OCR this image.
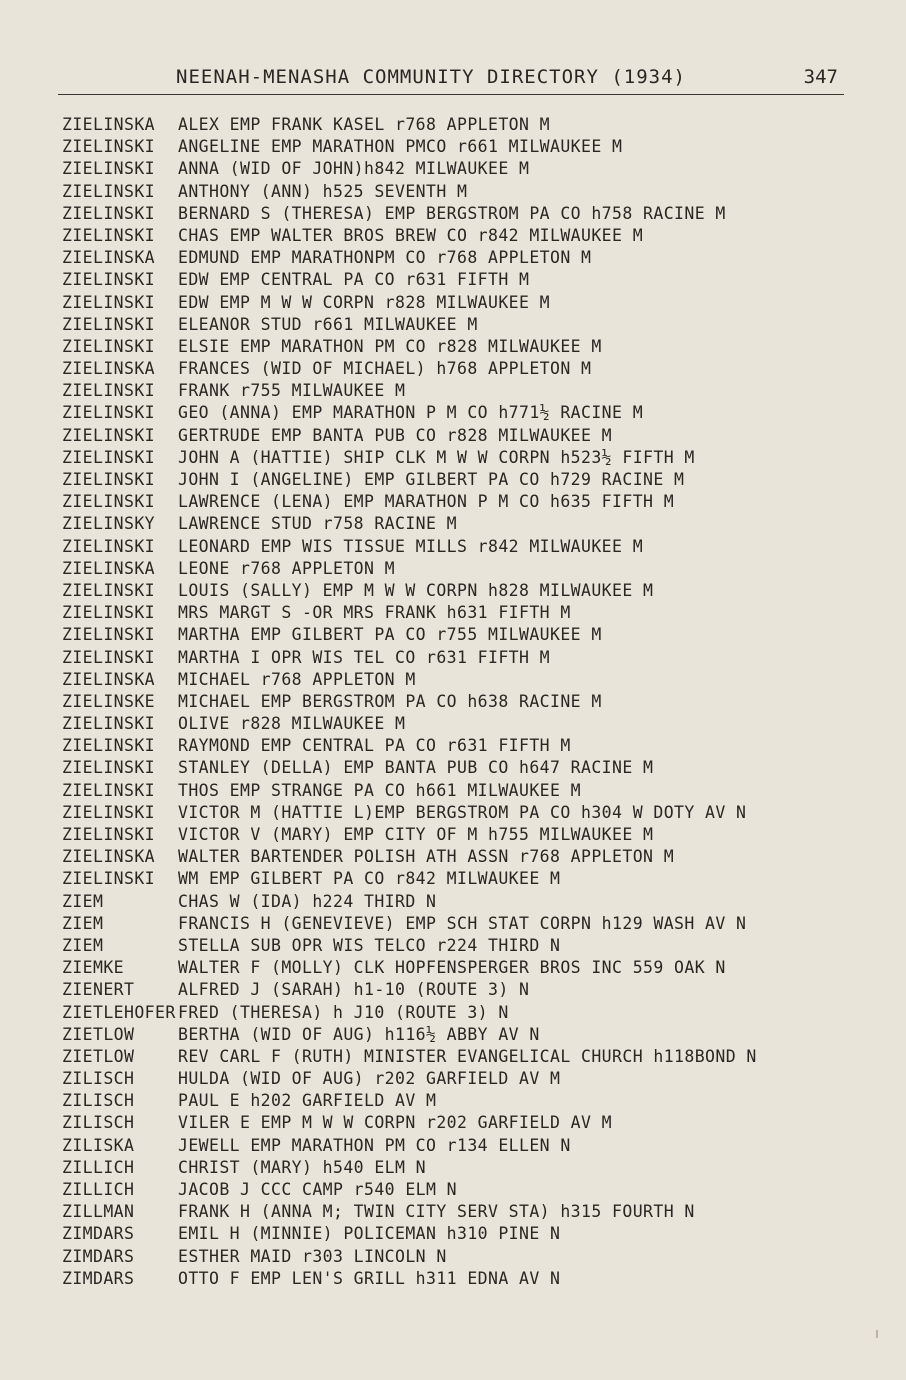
NEENAH-MENASHA COMMUNITY DIRECTORY (1934)	347
ZIELINSKA ALEX EMP FRANK KASEL r768 APPLETON M
ZIELINSKI ANGELINE EMP MARATHON PMCO r661 MILWAUKEE M
ZIELINSKI ANNA (WID OF JOHN)h842 MILWAUKEE M
ZIELINSKI ANTHONY (ANN) h525 SEVENTH M
ZIELINSKI BERNARD S (THERESA) EMP BERGSTROM PA CO h758 RACINE M
ZIELINSKI CHAS EMP WALTER BROS BREW CO r842 MILWAUKEE M
ZIELINSKA EDMUND EMP MARATHONPM CO r768 APPLETON M
ZIELINSKI EDW EMP CENTRAL PA CO r631 FIFTH M
ZIELINSKI EDW EMP M W W CORPN r828 MILWAUKEE M
ZIELINSKI ELEANOR STUD r661 MILWAUKEE M
ZIELINSKI ELSIE EMP MARATHON PM CO r828 MILWAUKEE M
ZIELINSKA FRANCES (WID OF MICHAEL) h768 APPLETON M
ZIELINSKI FRANK r755 MILWAUKEE M
ZIELINSKI GEO (ANNA) EMP MARATHON P M CO h771½ RACINE M
ZIELINSKI GERTRUDE EMP BANTA PUB CO r828 MILWAUKEE M
ZIELINSKI JOHN A (HATTIE) SHIP CLK M W W CORPN h523½ FIFTH M
ZIELINSKI JOHN I (ANGELINE) EMP GILBERT PA CO h729 RACINE M
ZIELINSKI LAWRENCE (LENA) EMP MARATHON P M CO h635 FIFTH M
ZIELINSKY LAWRENCE STUD r758 RACINE M
ZIELINSKI LEONARD EMP WIS TISSUE MILLS r842 MILWAUKEE M
ZIELINSKA LEONE r768 APPLETON M
ZIELINSKI LOUIS (SALLY) EMP M W W CORPN h828 MILWAUKEE M
ZIELINSKI MRS MARGT S -OR MRS FRANK h631 FIFTH M
ZIELINSKI MARTHA EMP GILBERT PA CO r755 MILWAUKEE M
ZIELINSKI MARTHA I OPR WIS TEL CO r631 FIFTH M
ZIELINSKA MICHAEL r768 APPLETON M
ZIELINSKE MICHAEL EMP BERGSTROM PA CO h638 RACINE M
ZIELINSKI OLIVE r828 MILWAUKEE M
ZIELINSKI RAYMOND EMP CENTRAL PA CO r631 FIFTH M
ZIELINSKI STANLEY (DELLA) EMP BANTA PUB CO h647 RACINE M
ZIELINSKI THOS EMP STRANGE PA CO h661 MILWAUKEE M
ZIELINSKI VICTOR M (HATTIE L)EMP BERGSTROM PA CO h304 W DOTY AV N
ZIELINSKI VICTOR V (MARY) EMP CITY OF M h755 MILWAUKEE M
ZIELINSKA WALTER BARTENDER POLISH ATH ASSN r768 APPLETON M
ZIELINSKI WM EMP GILBERT PA CO r842 MILWAUKEE M
ZIEM	CHAS W (IDA) h224 THIRD N
ZIEM	FRANCIS H (GENEVIEVE) EMP SCH STAT CORPN h129 WASH AV N
ZIEM	STELLA SUB OPR WIS TELCO r224 THIRD N
ZIEMKE	WALTER F (MOLLY) CLK HOPFENSPERGER BROS INC 559 OAK N
ZIENERT	ALFRED J (SARAH) h1-10 (ROUTE 3) N
ZIETLEHOFER FRED (THERESA) h J10 (ROUTE 3) N
ZIETLOW	BERTHA (WID OF AUG) h116½ ABBY AV N
ZIETLOW	REV CARL F (RUTH) MINISTER EVANGELICAL CHURCH h118BOND N
ZILISCH	HULDA (WID OF AUG) r202 GARFIELD AV M
ZILISCH	PAUL E h202 GARFIELD AV M
ZILISCH	VILER E EMP M W W CORPN r202 GARFIELD AV M
ZILISKA	JEWELL EMP MARATHON PM CO r134 ELLEN N
ZILLICH	CHRIST (MARY) h540 ELM N
ZILLICH	JACOB J CCC CAMP r540 ELM N
ZILLMAN	FRANK H (ANNA M; TWIN CITY SERV STA) h315 FOURTH N
ZIMDARS	EMIL H (MINNIE) POLICEMAN h310 PINE N
ZIMDARS	ESTHER MAID r303 LINCOLN N
ZIMDARS	OTTO F EMP LEN'S GRILL h311 EDNA AV N
